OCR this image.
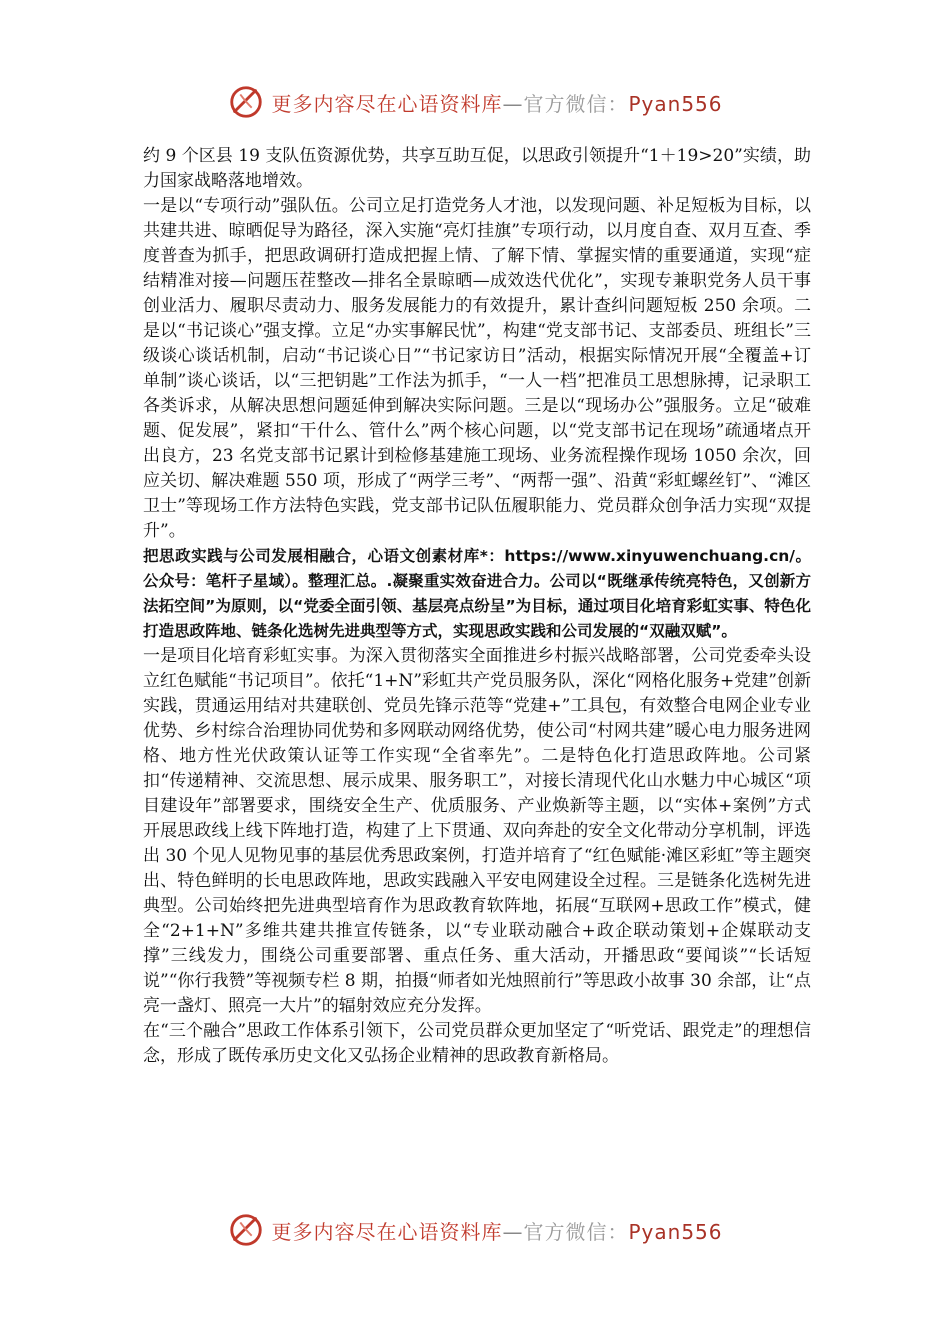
更多内容尽在心语资料库—官方微信：Pyan556

约 9 个区县 19 支队伍资源优势，共享互助互促，以思政引领提升“1＋19>20”实绩，助力国家战略落地增效。

一是以“专项行动”强队伍。公司立足打造党务人才池，以发现问题、补足短板为目标，以共建共进、晾晒促导为路径，深入实施“亮灯挂旗”专项行动，以月度自查、双月互查、季度普查为抓手，把思政调研打造成把握上情、了解下情、掌握实情的重要通道，实现“症结精准对接—问题压茬整改—排名全景晾晒—成效迭代优化”，实现专兼职党务人员干事创业活力、履职尽责动力、服务发展能力的有效提升，累计查纠问题短板 250 余项。二是以“书记谈心”强支撑。立足“办实事解民忧”，构建“党支部书记、支部委员、班组长”三级谈心谈话机制，启动“书记谈心日”“书记家访日”活动，根据实际情况开展“全覆盖+订单制”谈心谈话，以“三把钥匙”工作法为抓手，“一人一档”把准员工思想脉搏，记录职工各类诉求，从解决思想问题延伸到解决实际问题。三是以“现场办公”强服务。立足“破难题、促发展”，紧扣“干什么、管什么”两个核心问题，以“党支部书记在现场”疏通堵点开出良方，23 名党支部书记累计到检修基建施工现场、业务流程操作现场 1050 余次，回应关切、解决难题 550 项，形成了“两学三考”、“两帮一强”、沿黄“彩虹螺丝钉”、“滩区卫士”等现场工作方法特色实践，党支部书记队伍履职能力、党员群众创争活力实现“双提升”。

把思政实践与公司发展相融合，心语文创素材库*：https://www.xinyuwenchuang.cn/。公众号：笔杆子星域）。整理汇总。.凝聚重实效奋进合力。公司以“既继承传统亮特色，又创新方法拓空间”为原则，以“党委全面引领、基层亮点纷呈”为目标，通过项目化培育彩虹实事、特色化打造思政阵地、链条化选树先进典型等方式，实现思政实践和公司发展的“双融双赋”。

一是项目化培育彩虹实事。为深入贯彻落实全面推进乡村振兴战略部署，公司党委牵头设立红色赋能“书记项目”。依托“1+N”彩虹共产党员服务队，深化“网格化服务+党建”创新实践，贯通运用结对共建联创、党员先锋示范等“党建+”工具包，有效整合电网企业专业优势、乡村综合治理协同优势和多网联动网络优势，使公司“村网共建”暖心电力服务进网格、地方性光伏政策认证等工作实现“全省率先”。二是特色化打造思政阵地。公司紧扣“传递精神、交流思想、展示成果、服务职工”，对接长清现代化山水魅力中心城区“项目建设年”部署要求，围绕安全生产、优质服务、产业焕新等主题，以“实体+案例”方式开展思政线上线下阵地打造，构建了上下贯通、双向奔赴的安全文化带动分享机制，评选出 30 个见人见物见事的基层优秀思政案例，打造并培育了“红色赋能·滩区彩虹”等主题突出、特色鲜明的长电思政阵地，思政实践融入平安电网建设全过程。三是链条化选树先进典型。公司始终把先进典型培育作为思政教育软阵地，拓展“互联网+思政工作”模式，健全“2+1+N”多维共建共推宣传链条，以“专业联动融合+政企联动策划+企媒联动支撑”三线发力，围绕公司重要部署、重点任务、重大活动，开播思政“要闻谈”“长话短说”“你行我赞”等视频专栏 8 期，拍摄“师者如光烛照前行”等思政小故事 30 余部，让“点亮一盏灯、照亮一大片”的辐射效应充分发挥。

在“三个融合”思政工作体系引领下，公司党员群众更加坚定了“听党话、跟党走”的理想信念，形成了既传承历史文化又弘扬企业精神的思政教育新格局。

更多内容尽在心语资料库—官方微信：Pyan556
